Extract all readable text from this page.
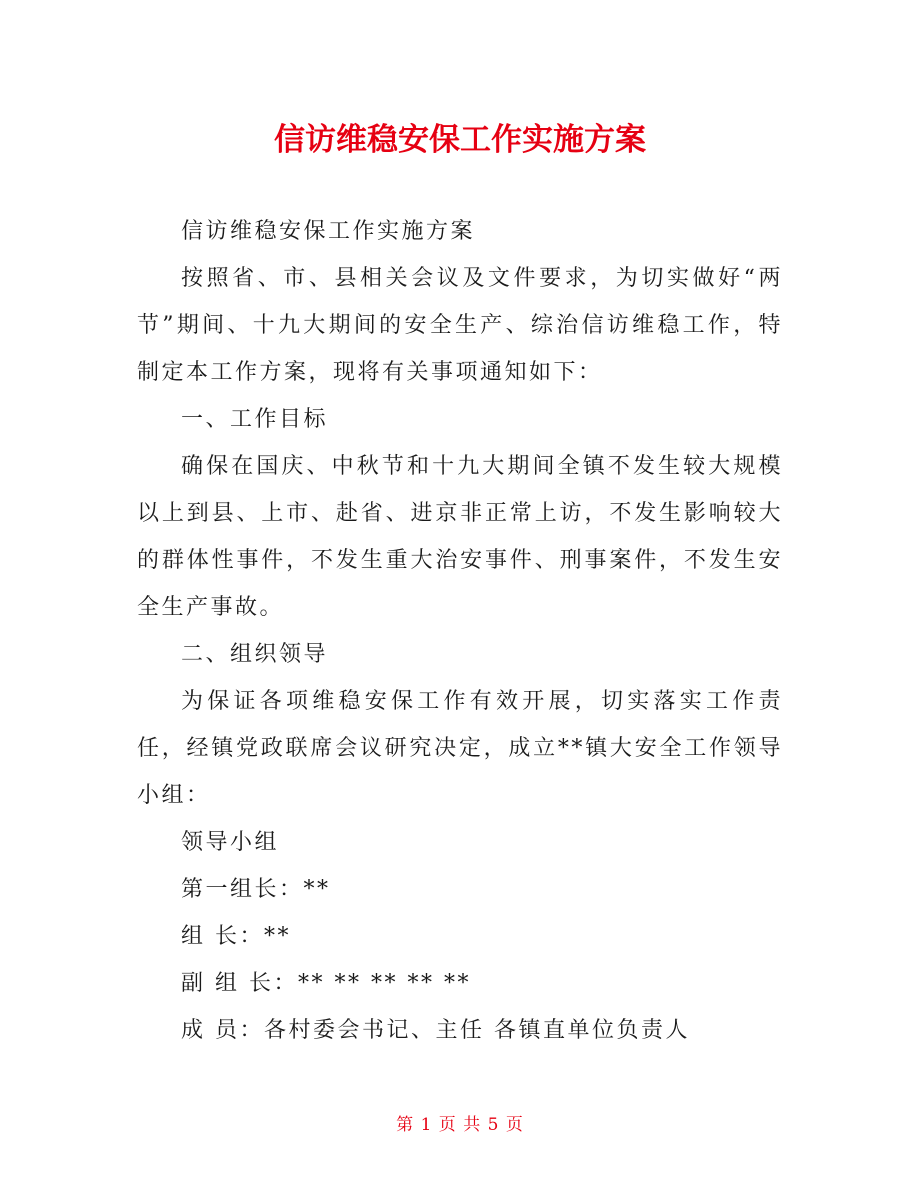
信访维稳安保工作实施方案

信访维稳安保工作实施方案

按照省、市、县相关会议及文件要求，为切实做好“两节”期间、十九大期间的安全生产、综治信访维稳工作，特制定本工作方案，现将有关事项通知如下：

一、工作目标

确保在国庆、中秋节和十九大期间全镇不发生较大规模以上到县、上市、赴省、进京非正常上访，不发生影响较大的群体性事件，不发生重大治安事件、刑事案件，不发生安全生产事故。

二、组织领导

为保证各项维稳安保工作有效开展，切实落实工作责任，经镇党政联席会议研究决定，成立**镇大安全工作领导小组：

领导小组

第一组长：**

组 长：**

副 组 长：** ** ** ** **

成 员：各村委会书记、主任 各镇直单位负责人

第 1 页 共 5 页
